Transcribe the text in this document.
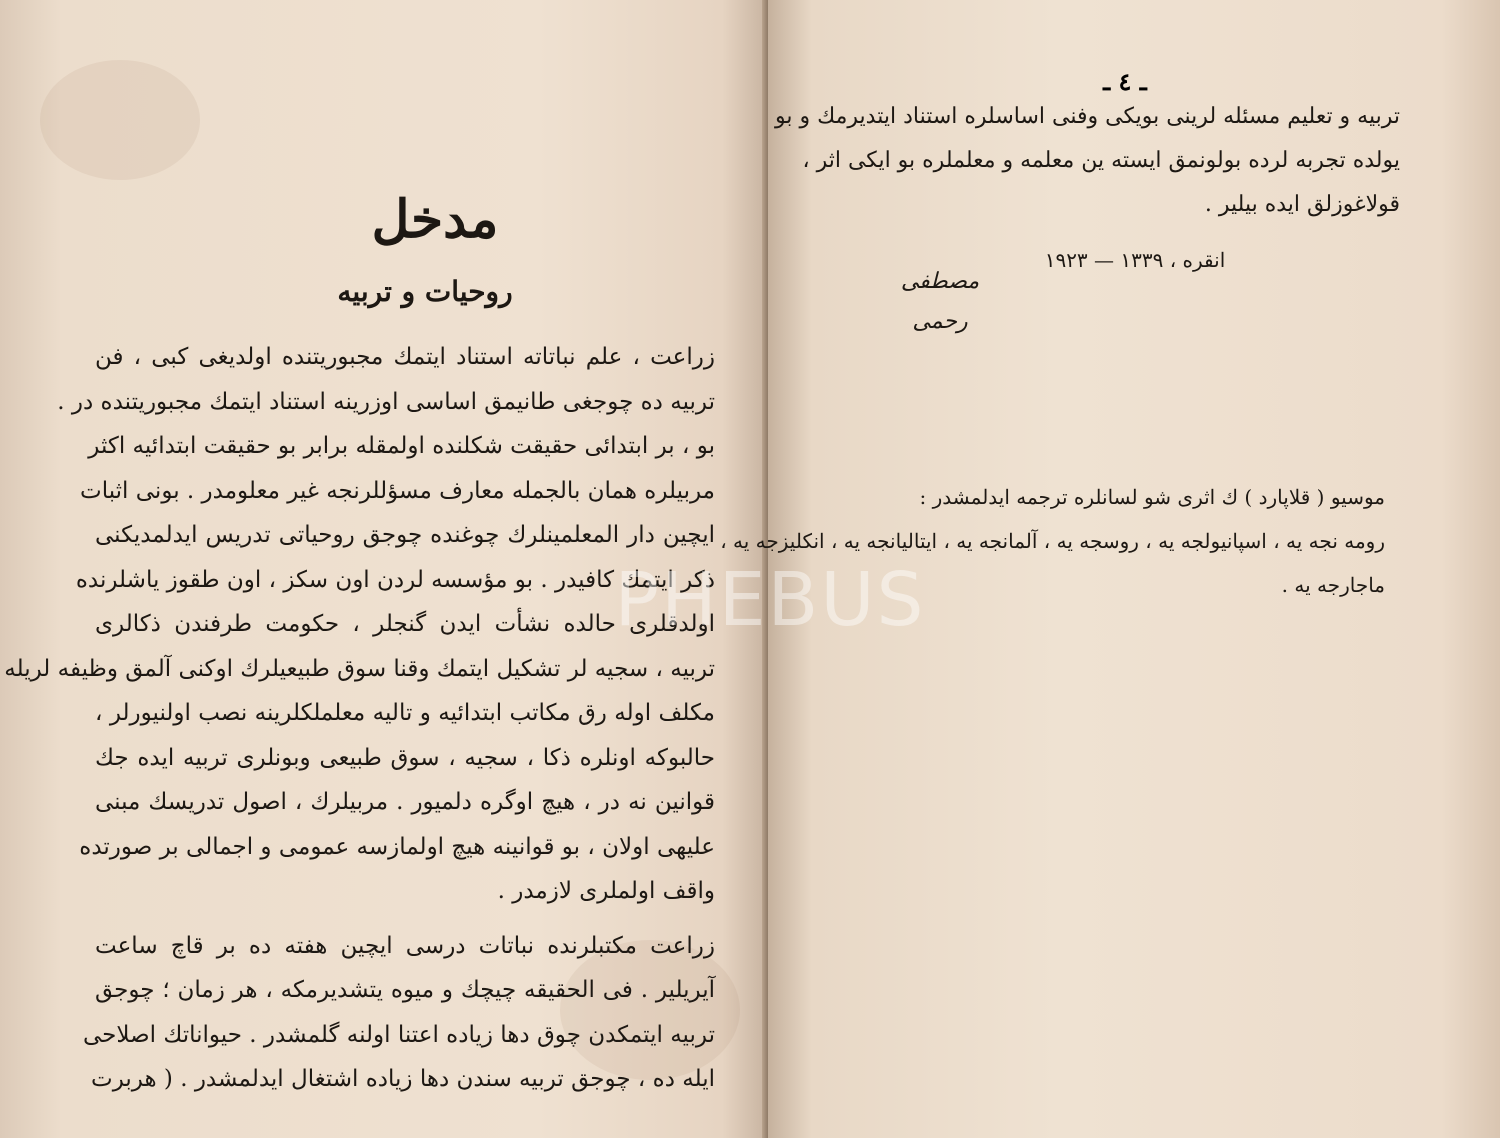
مدخل
روحیات و تربیه
زراعت ، علم نباتاته استناد ایتمك مجبوریتنده اولدیغی كبی ، فن
تربیه ده چوجغی طانیمق اساسی اوزرینه استناد ایتمك مجبوریتنده در .
بو ، بر ابتدائی حقیقت شكلنده اولمقله برابر بو حقیقت ابتدائیه اكثر
مربیلره همان بالجمله معارف مسؤللرنجه غیر معلومدر . بونی اثبات
ایچین دار المعلمینلرك چوغنده چوجق روحیاتی تدریس ایدلمدیكنی
ذكر ایتمك كافیدر . بو مؤسسه لردن اون سكز ، اون طقوز یاشلرنده
اولدقلری حالده نشأت ایدن گنجلر ، حكومت طرفندن ذكالری
تربیه ، سجیه لر تشكیل ایتمك وقنا سوق طبیعیلرك اوكنی آلمق وظیفه لریله
مكلف اوله رق مكاتب ابتدائیه و تالیه معلملكلرینه نصب اولنیورلر ،
حالبوكه اونلره ذكا ، سجیه ، سوق طبیعی وبونلری تربیه ایده جك
قوانین نه در ، هیچ اوگره دلمیور . مربیلرك ، اصول تدریسك مبنی
علیهی اولان ، بو قوانینه هیچ اولمازسه عمومی و اجمالی بر صورتده
واقف اولملری لازمدر .
زراعت مكتبلرنده نباتات درسی ایچین هفته ده بر قاچ ساعت
آیریلیر . فی الحقیقه چیچك و میوه یتشدیرمكه ، هر زمان ؛ چوجق
تربیه ایتمكدن چوق دها زیاده اعتنا اولنه گلمشدر . حیواناتك اصلاحی
ایله ده ، چوجق تربیه سندن دها زیاده اشتغال ایدلمشدر . ( هربرت
ـ ٤ ـ
تربیه و تعلیم مسئله لرینی بویكی وفنی اساسلره استناد ایتدیرمك و بو
یولده تجربه لرده بولونمق ایسته ین معلمه و معلملره بو ایكی اثر ،
قولاغوزلق ایده بیلیر .
انقره ، ١٣٣٩ — ١٩٢٣
مصطفی رحمی
موسیو ( قلاپارد ) ك اثری شو لسانلره ترجمه ایدلمشدر :
رومه نجه یه ، اسپانیولجه یه ، روسجه یه ، آلمانجه یه ، ایتالیانجه یه ، انكلیزجه یه ،
ماجارجه یه .
PHEBUS
